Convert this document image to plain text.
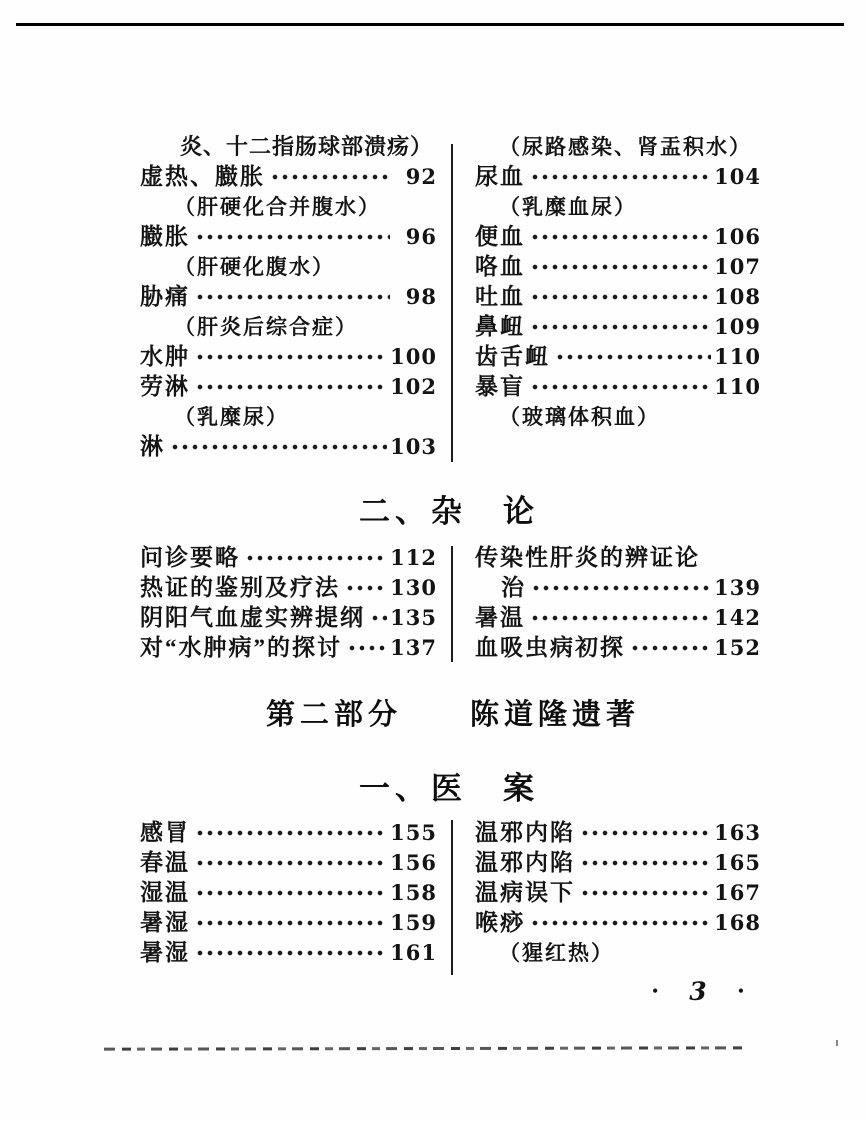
炎、十二指肠球部溃疡）
虚热、臌胀	92
（肝硬化合并腹水）
臌胀	96
（肝硬化腹水）
胁痛	98
（肝炎后综合症）
水肿	100
劳淋	102
（乳糜尿）
淋	103
（尿路感染、肾盂积水）
尿血	104
（乳糜血尿）
便血	106
咯血	107
吐血	108
鼻衄	109
齿舌衄	110
暴盲	110
（玻璃体积血）
二、杂　论
问诊要略	112
热证的鉴别及疗法 130
阴阳气血虚实辨提纲 135
对“水肿病”的探讨 137
传染性肝炎的辨证论
治	139
暑温	142
血吸虫病初探	152
第二部分　　陈道隆遗著
一、医　案
感冒	155
春温	156
湿温	158
暑湿	159
暑湿	161
温邪内陷	163
温邪内陷	165
温病误下	167
喉痧	168
（猩红热）
• 3 •
